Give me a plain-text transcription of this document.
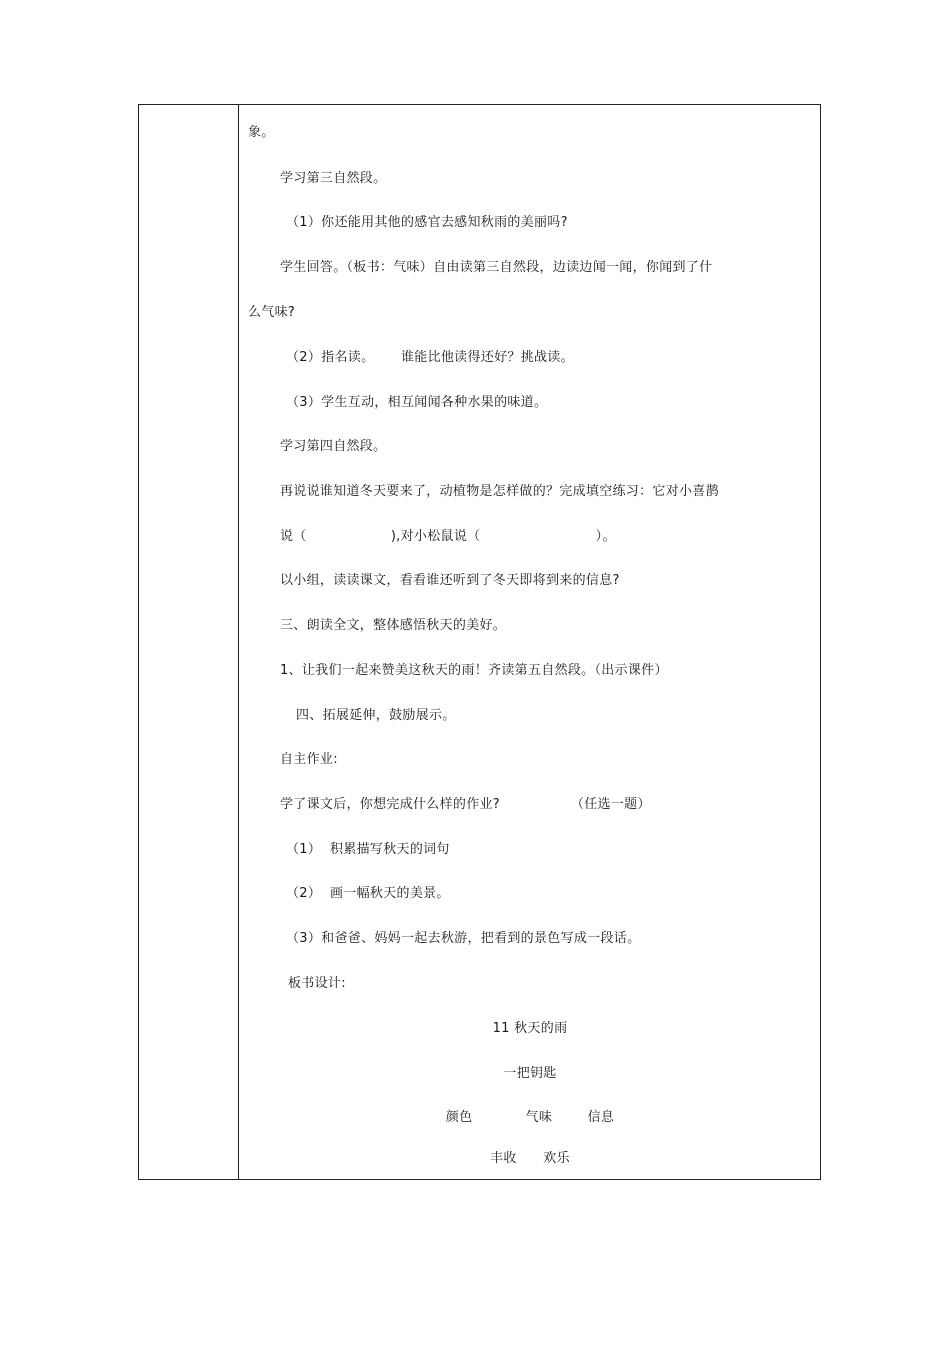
象。
学习第三自然段。
（1）你还能用其他的感官去感知秋雨的美丽吗?
学生回答。（板书：气味）自由读第三自然段，边读边闻一闻，你闻到了什
么气味?
（2）指名读。      谁能比他读得还好？挑战读。
（3）学生互动，相互闻闻各种水果的味道。
学习第四自然段。
再说说谁知道冬天要来了，动植物是怎样做的？完成填空练习：它对小喜鹊
说（                   ),对小松鼠说（                          ）。
以小组，读读课文，看看谁还听到了冬天即将到来的信息?
三、朗读全文，整体感悟秋天的美好。
1、让我们一起来赞美这秋天的雨！齐读第五自然段。（出示课件）
四、拓展延伸，鼓励展示。
自主作业:
学了课文后，你想完成什么样的作业?                （任选一题）
（1）  积累描写秋天的词句
（2）  画一幅秋天的美景。
（3）和爸爸、妈妈一起去秋游，把看到的景色写成一段话。
板书设计:
11 秋天的雨
一把钥匙
颜色            气味        信息
丰收      欢乐
